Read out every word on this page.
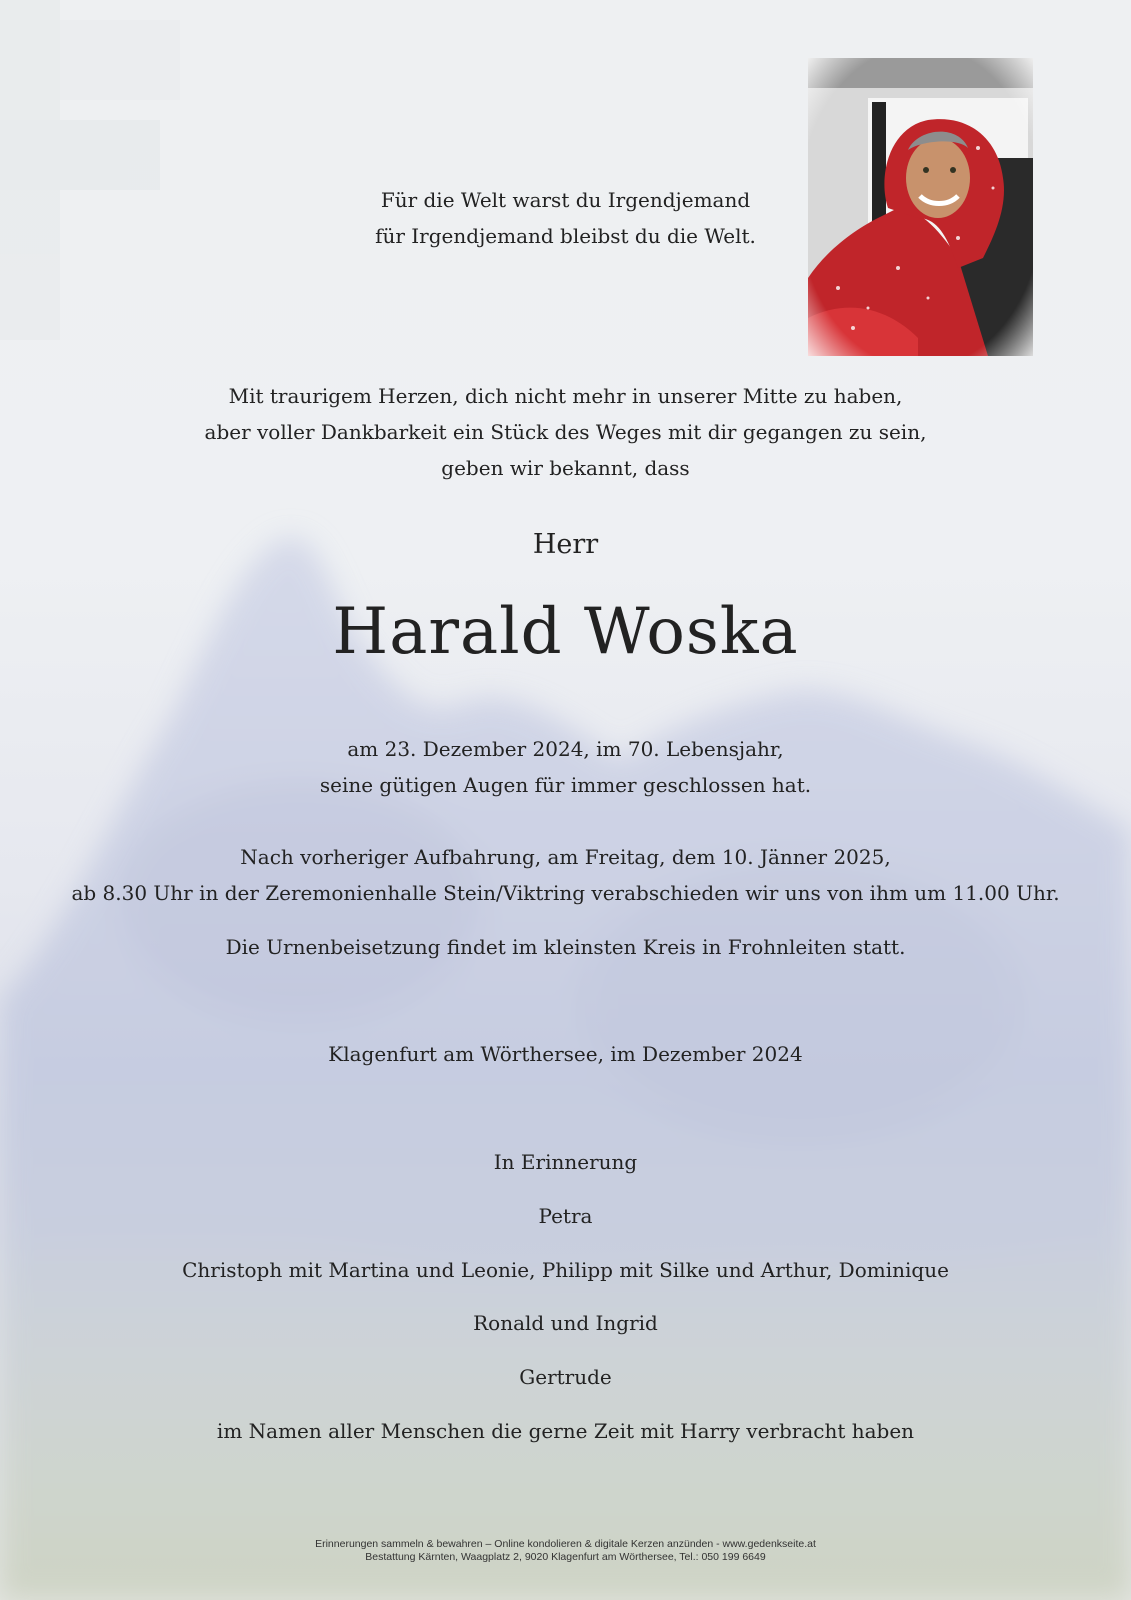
Für die Welt warst du Irgendjemand
für Irgendjemand bleibst du die Welt.
Mit traurigem Herzen, dich nicht mehr in unserer Mitte zu haben,
aber voller Dankbarkeit ein Stück des Weges mit dir gegangen zu sein,
geben wir bekannt, dass
Herr
Harald Woska
am 23. Dezember 2024, im 70. Lebensjahr,
seine gütigen Augen für immer geschlossen hat.
Nach vorheriger Aufbahrung, am Freitag, dem 10. Jänner 2025,
ab 8.30 Uhr in der Zeremonienhalle Stein/Viktring verabschieden wir uns von ihm um 11.00 Uhr.
Die Urnenbeisetzung findet im kleinsten Kreis in Frohnleiten statt.
Klagenfurt am Wörthersee, im Dezember 2024
In Erinnerung
Petra
Christoph mit Martina und Leonie, Philipp mit Silke und Arthur, Dominique
Ronald und Ingrid
Gertrude
im Namen aller Menschen die gerne Zeit mit Harry verbracht haben
Erinnerungen sammeln & bewahren – Online kondolieren & digitale Kerzen anzünden - www.gedenkseite.at
Bestattung Kärnten, Waagplatz 2, 9020 Klagenfurt am Wörthersee, Tel.: 050 199 6649
